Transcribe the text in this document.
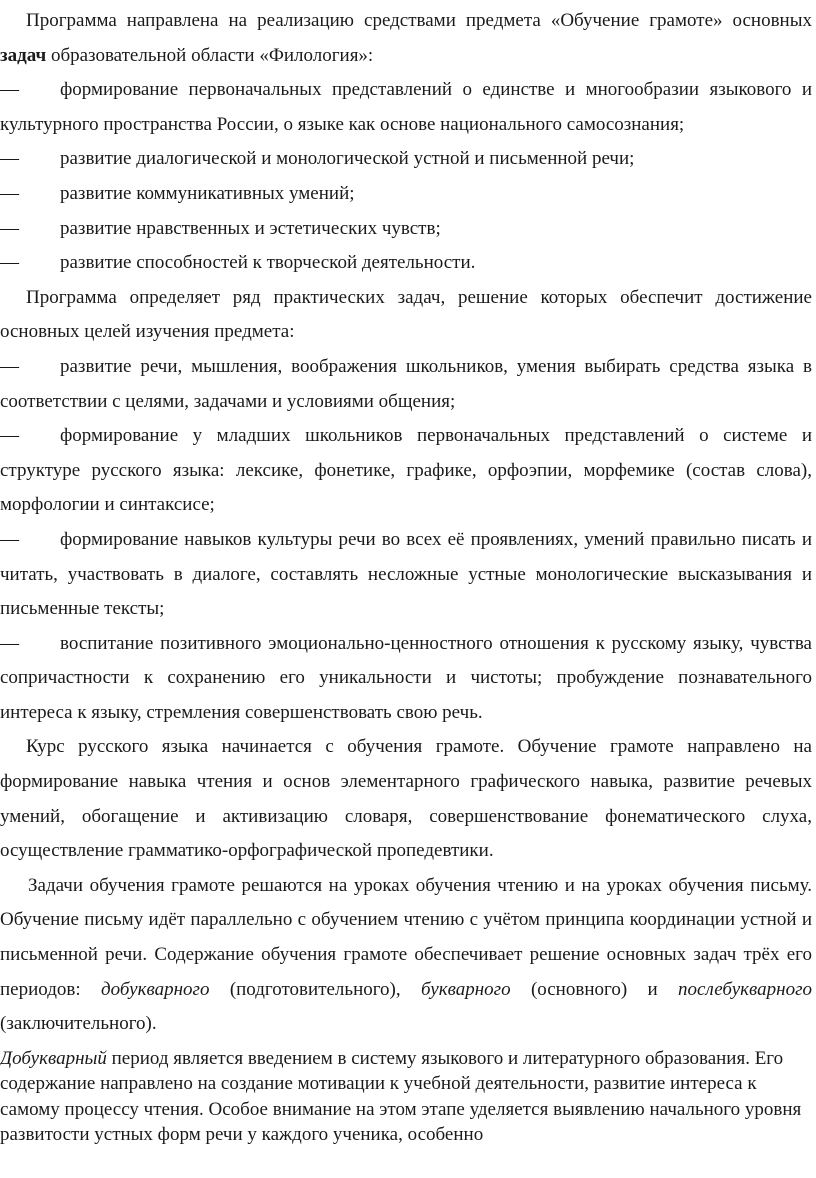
Программа направлена на реализацию средствами предмета «Обучение грамоте» основных задач образовательной области «Филология»:

— формирование первоначальных представлений о единстве и многообразии языкового и культурного пространства России, о языке как основе национального самосознания;

— развитие диалогической и монологической устной и письменной речи;

— развитие коммуникативных умений;

— развитие нравственных и эстетических чувств;

— развитие способностей к творческой деятельности.

Программа определяет ряд практических задач, решение которых обеспечит достижение основных целей изучения предмета:

— развитие речи, мышления, воображения школьников, умения выбирать средства языка в соответствии с целями, задачами и условиями общения;

— формирование у младших школьников первоначальных представлений о системе и структуре русского языка: лексике, фонетике, графике, орфоэпии, морфемике (состав слова), морфологии и синтаксисе;

— формирование навыков культуры речи во всех её проявлениях, умений правильно писать и читать, участвовать в диалоге, составлять несложные устные монологические высказывания и письменные тексты;

— воспитание позитивного эмоционально-ценностного отношения к русскому языку, чувства сопричастности к сохранению его уникальности и чистоты; пробуждение познавательного интереса к языку, стремления совершенствовать свою речь.

Курс русского языка начинается с обучения грамоте. Обучение грамоте направлено на формирование навыка чтения и основ элементарного графического навыка, развитие речевых умений, обогащение и активизацию словаря, совершенствование фонематического слуха, осуществление грамматико-орфографической пропедевтики.

Задачи обучения грамоте решаются на уроках обучения чтению и на уроках обучения письму. Обучение письму идёт параллельно с обучением чтению с учётом принципа координации устной и письменной речи. Содержание обучения грамоте обеспечивает решение основных задач трёх его периодов: добукварного (подготовительного), букварного (основного) и послебукварного (заключительного).

Добукварный период является введением в систему языкового и литературного образования. Его содержание направлено на создание мотивации к учебной деятельности, развитие интереса к самому процессу чтения. Особое внимание на этом этапе уделяется выявлению начального уровня развитости устных форм речи у каждого ученика, особенно
